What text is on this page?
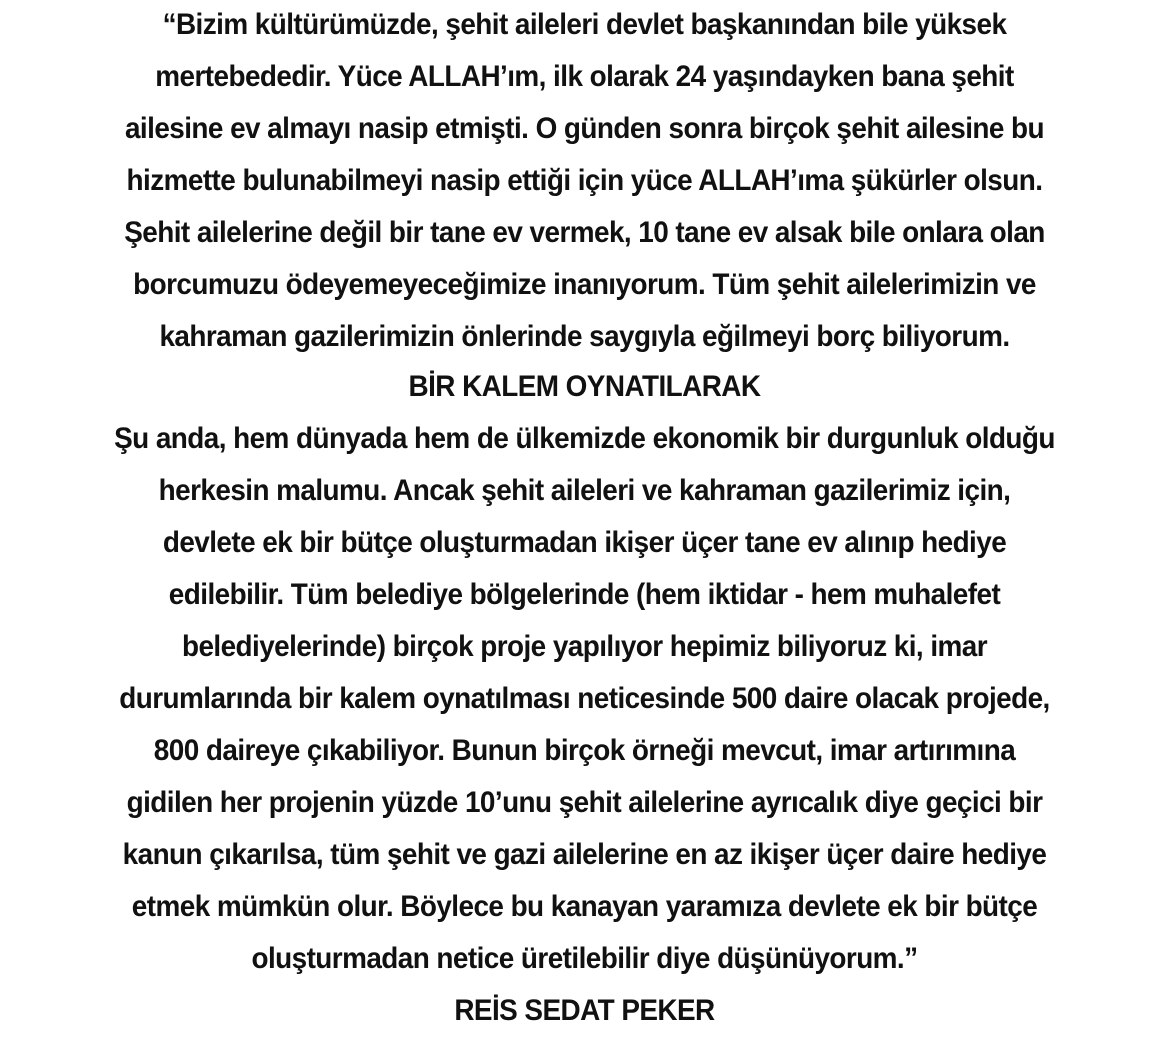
“Bizim kültürümüzde, şehit aileleri devlet başkanından bile yüksek
mertebededir. Yüce ALLAH’ım, ilk olarak 24 yaşındayken bana şehit
ailesine ev almayı nasip etmişti. O günden sonra birçok şehit ailesine bu
hizmette bulunabilmeyi nasip ettiği için yüce ALLAH’ıma şükürler olsun.
Şehit ailelerine değil bir tane ev vermek, 10 tane ev alsak bile onlara olan
borcumuzu ödeyemeyeceğimize inanıyorum. Tüm şehit ailelerimizin ve
kahraman gazilerimizin önlerinde saygıyla eğilmeyi borç biliyorum.
BİR KALEM OYNATILARAK
Şu anda, hem dünyada hem de ülkemizde ekonomik bir durgunluk olduğu
herkesin malumu. Ancak şehit aileleri ve kahraman gazilerimiz için,
devlete ek bir bütçe oluşturmadan ikişer üçer tane ev alınıp hediye
edilebilir. Tüm belediye bölgelerinde (hem iktidar - hem muhalefet
belediyelerinde) birçok proje yapılıyor hepimiz biliyoruz ki, imar
durumlarında bir kalem oynatılması neticesinde 500 daire olacak projede,
800 daireye çıkabiliyor. Bunun birçok örneği mevcut, imar artırımına
gidilen her projenin yüzde 10’unu şehit ailelerine ayrıcalık diye geçici bir
kanun çıkarılsa, tüm şehit ve gazi ailelerine en az ikişer üçer daire hediye
etmek mümkün olur. Böylece bu kanayan yaramıza devlete ek bir bütçe
oluşturmadan netice üretilebilir diye düşünüyorum.”
REİS SEDAT PEKER
